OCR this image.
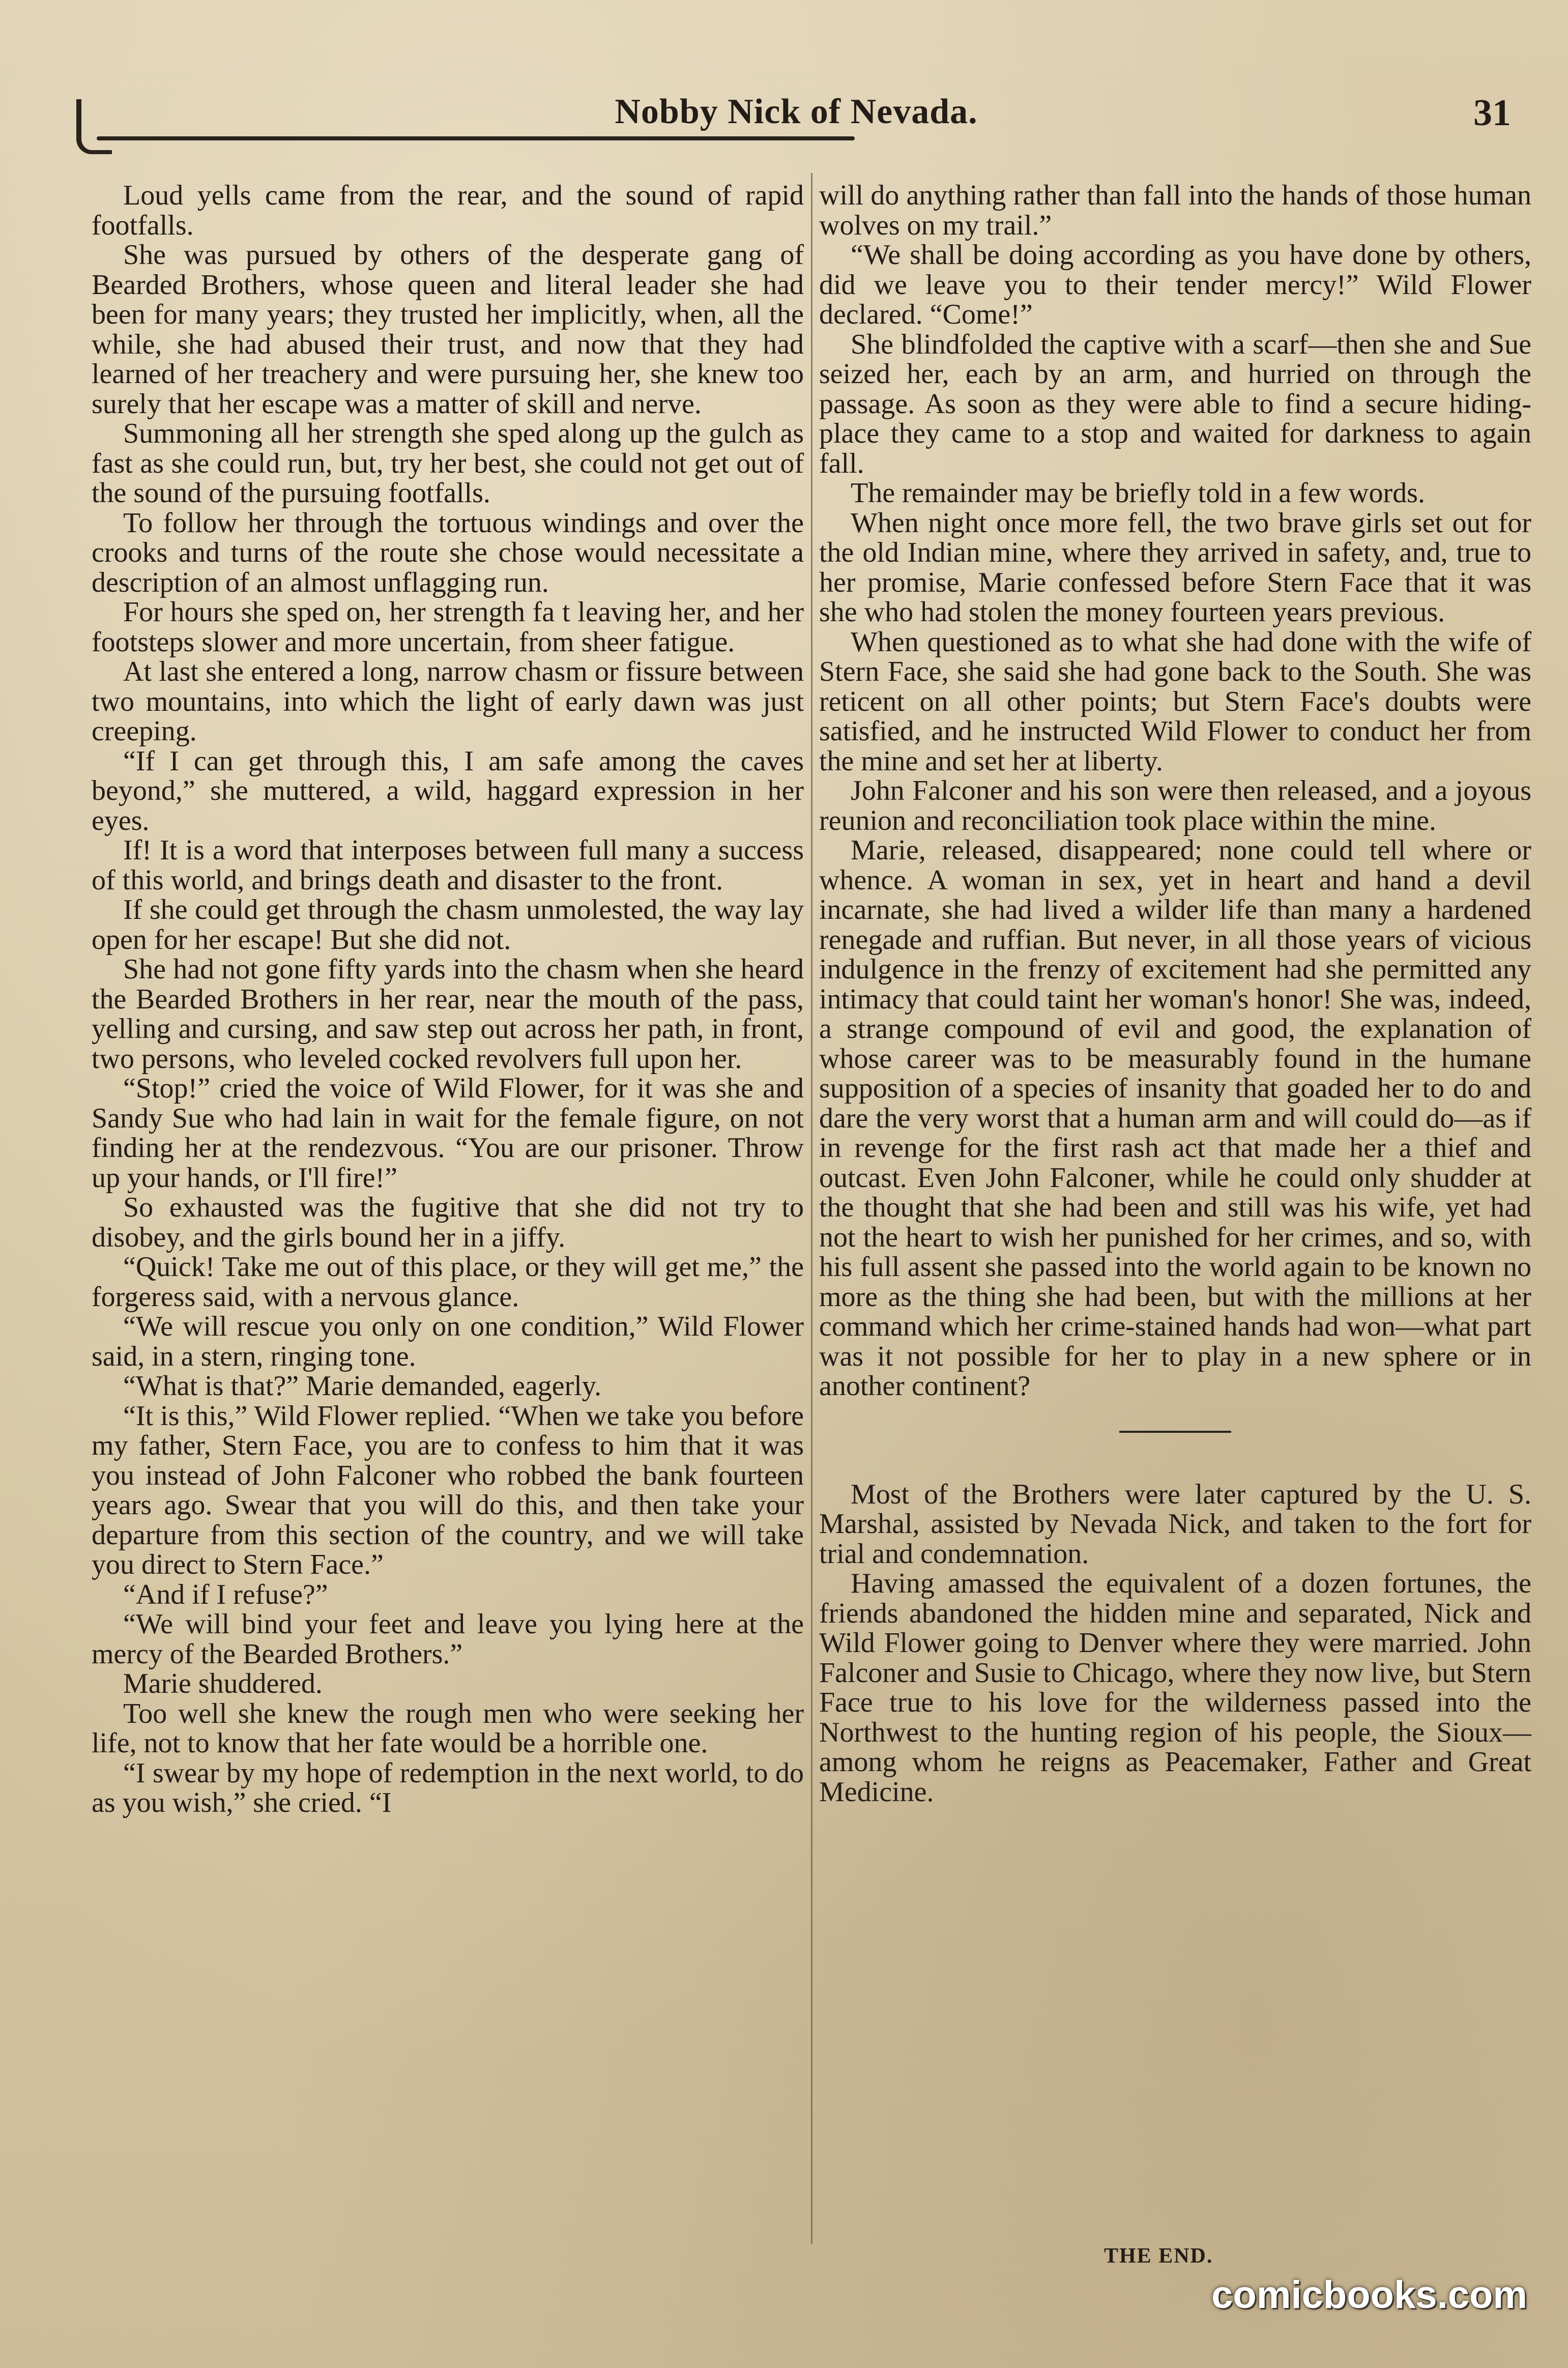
Nobby Nick of Nevada.	31

Loud yells came from the rear, and the sound of rapid footfalls.

She was pursued by others of the desperate gang of Bearded Brothers, whose queen and literal leader she had been for many years; they trusted her implicitly, when, all the while, she had abused their trust, and now that they had learned of her treachery and were pursuing her, she knew too surely that her escape was a matter of skill and nerve.

Summoning all her strength she sped along up the gulch as fast as she could run, but, try her best, she could not get out of the sound of the pursuing footfalls.

To follow her through the tortuous windings and over the crooks and turns of the route she chose would necessitate a description of an almost unflagging run.

For hours she sped on, her strength fa t leaving her, and her footsteps slower and more uncertain, from sheer fatigue.

At last she entered a long, narrow chasm or fissure between two mountains, into which the light of early dawn was just creeping.

“If I can get through this, I am safe among the caves beyond,” she muttered, a wild, haggard expression in her eyes.

If! It is a word that interposes between full many a success of this world, and brings death and disaster to the front.

If she could get through the chasm unmolested, the way lay open for her escape! But she did not.

She had not gone fifty yards into the chasm when she heard the Bearded Brothers in her rear, near the mouth of the pass, yelling and cursing, and saw step out across her path, in front, two persons, who leveled cocked revolvers full upon her.

“Stop!” cried the voice of Wild Flower, for it was she and Sandy Sue who had lain in wait for the female figure, on not finding her at the rendezvous. “You are our prisoner. Throw up your hands, or I'll fire!”

So exhausted was the fugitive that she did not try to disobey, and the girls bound her in a jiffy.

“Quick! Take me out of this place, or they will get me,” the forgeress said, with a nervous glance.

“We will rescue you only on one condition,” Wild Flower said, in a stern, ringing tone.

“What is that?” Marie demanded, eagerly.

“It is this,” Wild Flower replied. “When we take you before my father, Stern Face, you are to confess to him that it was you instead of John Falconer who robbed the bank fourteen years ago. Swear that you will do this, and then take your departure from this section of the country, and we will take you direct to Stern Face.”

“And if I refuse?”

“We will bind your feet and leave you lying here at the mercy of the Bearded Brothers.”

Marie shuddered.

Too well she knew the rough men who were seeking her life, not to know that her fate would be a horrible one.

“I swear by my hope of redemption in the next world, to do as you wish,” she cried. “I

will do anything rather than fall into the hands of those human wolves on my trail.”

“We shall be doing according as you have done by others, did we leave you to their tender mercy!” Wild Flower declared. “Come!”

She blindfolded the captive with a scarf—then she and Sue seized her, each by an arm, and hurried on through the passage. As soon as they were able to find a secure hiding-place they came to a stop and waited for darkness to again fall.

The remainder may be briefly told in a few words.

When night once more fell, the two brave girls set out for the old Indian mine, where they arrived in safety, and, true to her promise, Marie confessed before Stern Face that it was she who had stolen the money fourteen years previous.

When questioned as to what she had done with the wife of Stern Face, she said she had gone back to the South. She was reticent on all other points; but Stern Face's doubts were satisfied, and he instructed Wild Flower to conduct her from the mine and set her at liberty.

John Falconer and his son were then released, and a joyous reunion and reconciliation took place within the mine.

Marie, released, disappeared; none could tell where or whence. A woman in sex, yet in heart and hand a devil incarnate, she had lived a wilder life than many a hardened renegade and ruffian. But never, in all those years of vicious indulgence in the frenzy of excitement had she permitted any intimacy that could taint her woman's honor! She was, indeed, a strange compound of evil and good, the explanation of whose career was to be measurably found in the humane supposition of a species of insanity that goaded her to do and dare the very worst that a human arm and will could do—as if in revenge for the first rash act that made her a thief and outcast. Even John Falconer, while he could only shudder at the thought that she had been and still was his wife, yet had not the heart to wish her punished for her crimes, and so, with his full assent she passed into the world again to be known no more as the thing she had been, but with the millions at her command which her crime-stained hands had won—what part was it not possible for her to play in a new sphere or in another continent?

Most of the Brothers were later captured by the U. S. Marshal, assisted by Nevada Nick, and taken to the fort for trial and condemnation.

Having amassed the equivalent of a dozen fortunes, the friends abandoned the hidden mine and separated, Nick and Wild Flower going to Denver where they were married. John Falconer and Susie to Chicago, where they now live, but Stern Face true to his love for the wilderness passed into the Northwest to the hunting region of his people, the Sioux—among whom he reigns as Peacemaker, Father and Great Medicine.

THE END.
comicbooks.com
